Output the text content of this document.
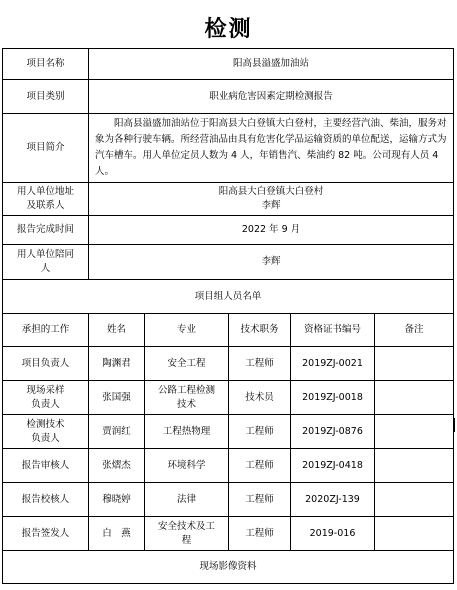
检测
项目名称	阳高县溢盛加油站				
项目类别	职业病危害因素定期检测报告				
项目简介	阳高县溢盛加油站位于阳高县大白登镇大白登村，主要经营汽油、柴油，服务对象为各种行驶车辆。所经营油品由具有危害化学品运输资质的单位配送，运输方式为汽车槽车。用人单位定员人数为 4 人，年销售汽、柴油约 82 吨。公司现有人员 4 人。				

用人单位地址
及联系人	阳高县大白登镇大白登村
李辉				

报告完成时间	2022 年 9 月				

用人单位陪同
人	李辉				
项目组人员名单					
承担的工作	姓名	专业	技术职务	资格证书编号	备注

项目负责人	陶渊君	安全工程	工程师	2019ZJ-0021	

现场采样
负责人	张国强	公路工程检测
技术	技术员	2019ZJ-0018	

检测技术
负责人	贾润红	工程热物理	工程师	2019ZJ-0876	

报告审核人	张熠杰	环境科学	工程师	2019ZJ-0418	

报告校核人	穆晓婷	法律	工程师	2020ZJ-139	

报告签发人	白　燕	安全技术及工
程	工程师	2019-016	
现场影像资料					
